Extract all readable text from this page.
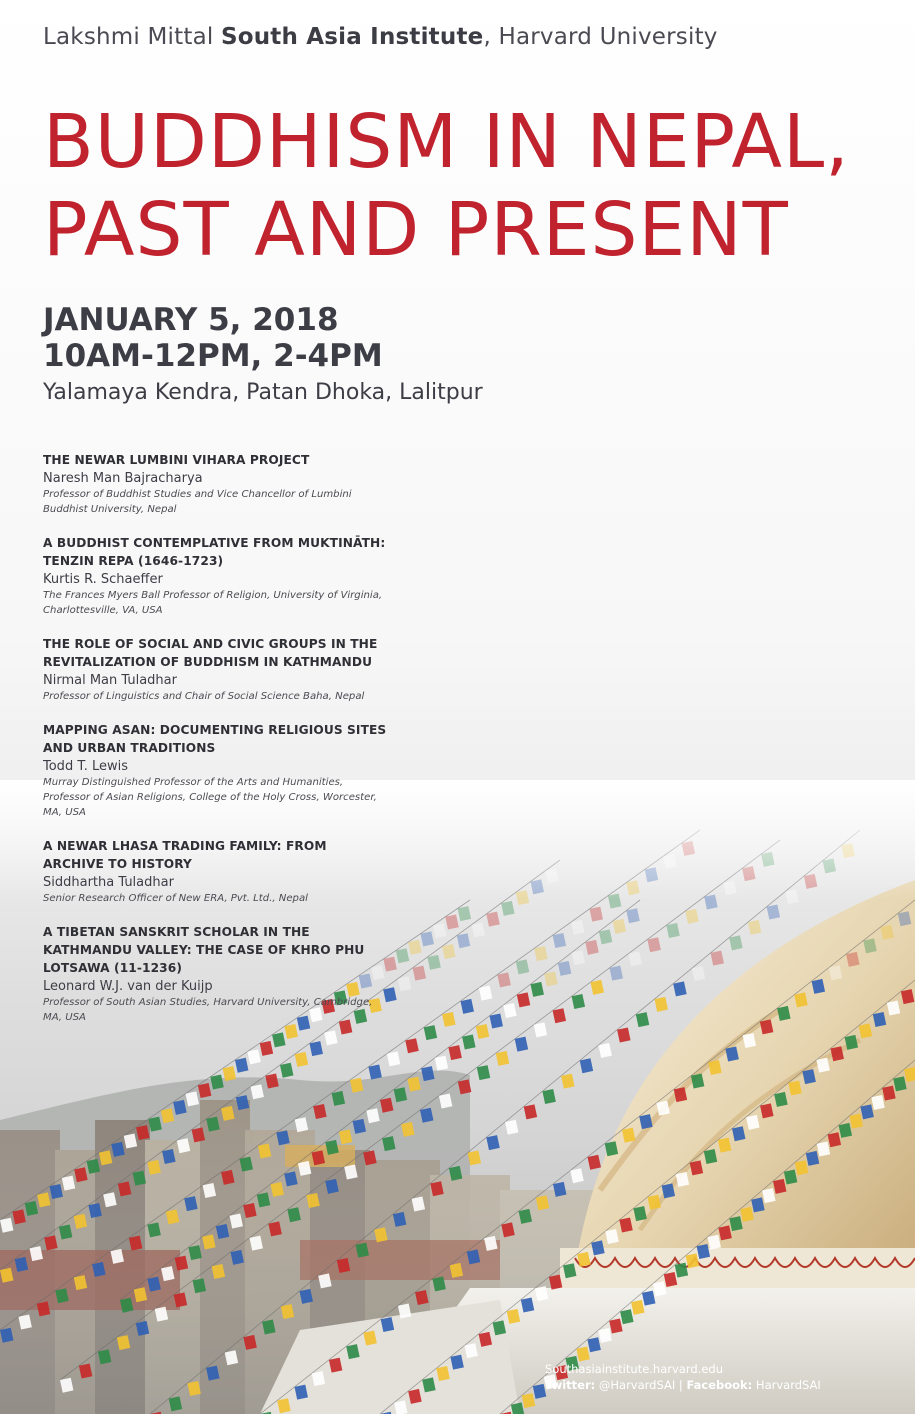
Lakshmi Mittal South Asia Institute, Harvard University
BUDDHISM IN NEPAL,
PAST AND PRESENT
JANUARY 5, 2018
10AM-12PM, 2-4PM
Yalamaya Kendra, Patan Dhoka, Lalitpur
THE NEWAR LUMBINI VIHARA PROJECT
Naresh Man Bajracharya
Professor of Buddhist Studies and Vice Chancellor of Lumbini Buddhist University, Nepal
A BUDDHIST CONTEMPLATIVE FROM MUKTINĀTH: TENZIN REPA (1646-1723)
Kurtis R. Schaeffer
The Frances Myers Ball Professor of Religion, University of Virginia, Charlottesville, VA, USA
THE ROLE OF SOCIAL AND CIVIC GROUPS IN THE REVITALIZATION OF BUDDHISM IN KATHMANDU
Nirmal Man Tuladhar
Professor of Linguistics and Chair of Social Science Baha, Nepal
MAPPING ASAN: DOCUMENTING RELIGIOUS SITES AND URBAN TRADITIONS
Todd T. Lewis
Murray Distinguished Professor of the Arts and Humanities, Professor of Asian Religions, College of the Holy Cross, Worcester, MA, USA
A NEWAR LHASA TRADING FAMILY: FROM ARCHIVE TO HISTORY
Siddhartha Tuladhar
Senior Research Officer of New ERA, Pvt. Ltd., Nepal
A TIBETAN SANSKRIT SCHOLAR IN THE KATHMANDU VALLEY: THE CASE OF KHRO PHU LOTSAWA (11-1236)
Leonard W.J. van der Kuijp
Professor of South Asian Studies, Harvard University, Cambridge, MA, USA
Southasiainstitute.harvard.edu
Twitter: @HarvardSAI | Facebook: HarvardSAI
